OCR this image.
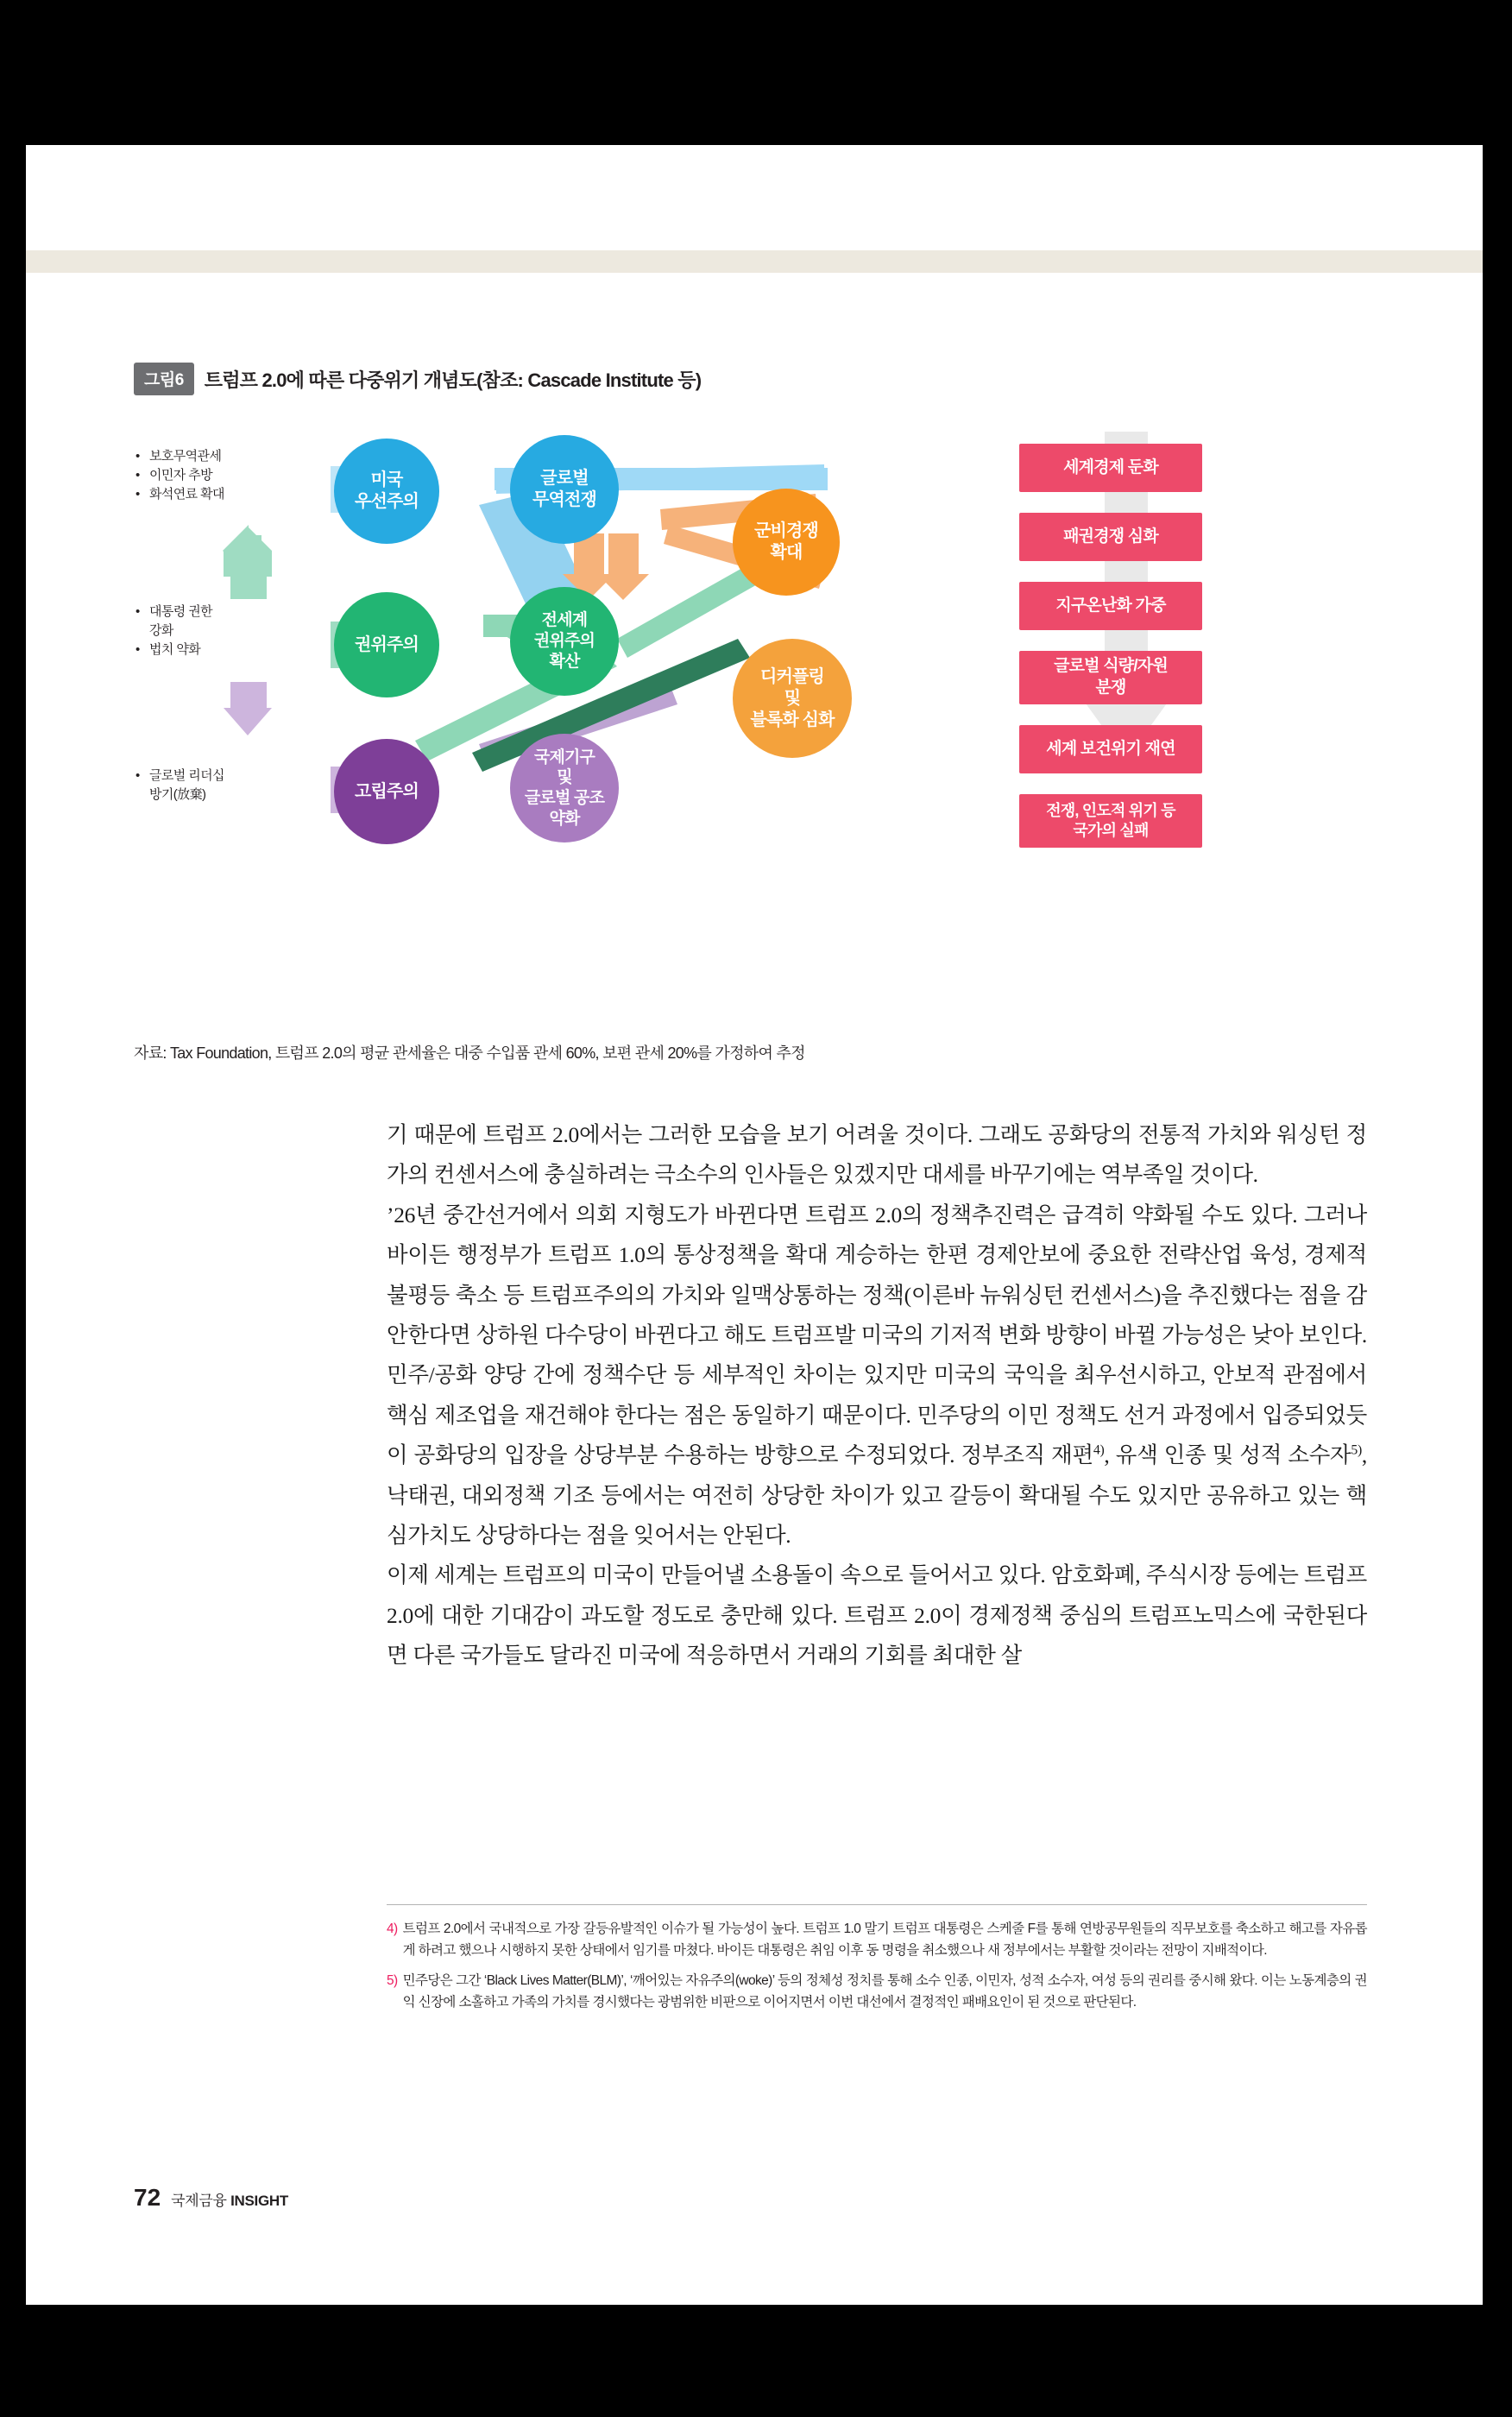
그림6	트럼프 2.0에 따른 다중위기 개념도(참조: Cascade Institute 등)
• 보호무역관세
• 이민자 추방
• 화석연료 확대
• 대통령 권한
강화
• 법치 약화
• 글로벌 리더십
방기(放棄)
미국
우선주의
권위주의
고립주의
글로벌
무역전쟁
전세계
권위주의
확산
국제기구
및
글로벌 공조
약화
군비경쟁
확대
디커플링
및
블록화 심화
세계경제 둔화
패권경쟁 심화
지구온난화 가중
글로벌 식량/자원
분쟁
세계 보건위기 재연
전쟁, 인도적 위기 등
국가의 실패
자료: Tax Foundation, 트럼프 2.0의 평균 관세율은 대중 수입품 관세 60%, 보편 관세 20%를 가정하여 추정

기 때문에 트럼프 2.0에서는 그러한 모습을 보기 어려울 것이다. 그래도 공화당의 전통적 가치와 워싱턴 정가의 컨센서스에 충실하려는 극소수의 인사들은 있겠지만 대세를 바꾸기에는 역부족일 것이다.

’26년 중간선거에서 의회 지형도가 바뀐다면 트럼프 2.0의 정책추진력은 급격히 약화될 수도 있다. 그러나 바이든 행정부가 트럼프 1.0의 통상정책을 확대 계승하는 한편 경제안보에 중요한 전략산업 육성, 경제적 불평등 축소 등 트럼프주의의 가치와 일맥상통하는 정책(이른바 뉴워싱턴 컨센서스)을 추진했다는 점을 감안한다면 상하원 다수당이 바뀐다고 해도 트럼프발 미국의 기저적 변화 방향이 바뀔 가능성은 낮아 보인다. 민주/공화 양당 간에 정책수단 등 세부적인 차이는 있지만 미국의 국익을 최우선시하고, 안보적 관점에서 핵심 제조업을 재건해야 한다는 점은 동일하기 때문이다. 민주당의 이민 정책도 선거 과정에서 입증되었듯이 공화당의 입장을 상당부분 수용하는 방향으로 수정되었다. 정부조직 재편$^{4)}$, 유색 인종 및 성적 소수자$^{5)}$, 낙태권, 대외정책 기조 등에서는 여전히 상당한 차이가 있고 갈등이 확대될 수도 있지만 공유하고 있는 핵심가치도 상당하다는 점을 잊어서는 안된다.

이제 세계는 트럼프의 미국이 만들어낼 소용돌이 속으로 들어서고 있다. 암호화폐, 주식시장 등에는 트럼프 2.0에 대한 기대감이 과도할 정도로 충만해 있다. 트럼프 2.0이 경제정책 중심의 트럼프노믹스에 국한된다면 다른 국가들도 달라진 미국에 적응하면서 거래의 기회를 최대한 살

4) 트럼프 2.0에서 국내적으로 가장 갈등유발적인 이슈가 될 가능성이 높다. 트럼프 1.0 말기 트럼프 대통령은 스케줄 F를 통해 연방공무원들의 직무보호를 축소하고 해고를 자유롭게 하려고 했으나 시행하지 못한 상태에서 임기를 마쳤다. 바이든 대통령은 취임 이후 동 명령을 취소했으나 새 정부에서는 부활할 것이라는 전망이 지배적이다.
5) 민주당은 그간 ‘Black Lives Matter(BLM)’, ‘깨어있는 자유주의(woke)’ 등의 정체성 정치를 통해 소수 인종, 이민자, 성적 소수자, 여성 등의 권리를 중시해 왔다. 이는 노동계층의 권익 신장에 소홀하고 가족의 가치를 경시했다는 광범위한 비판으로 이어지면서 이번 대선에서 결정적인 패배요인이 된 것으로 판단된다.
72 국제금융 INSIGHT
